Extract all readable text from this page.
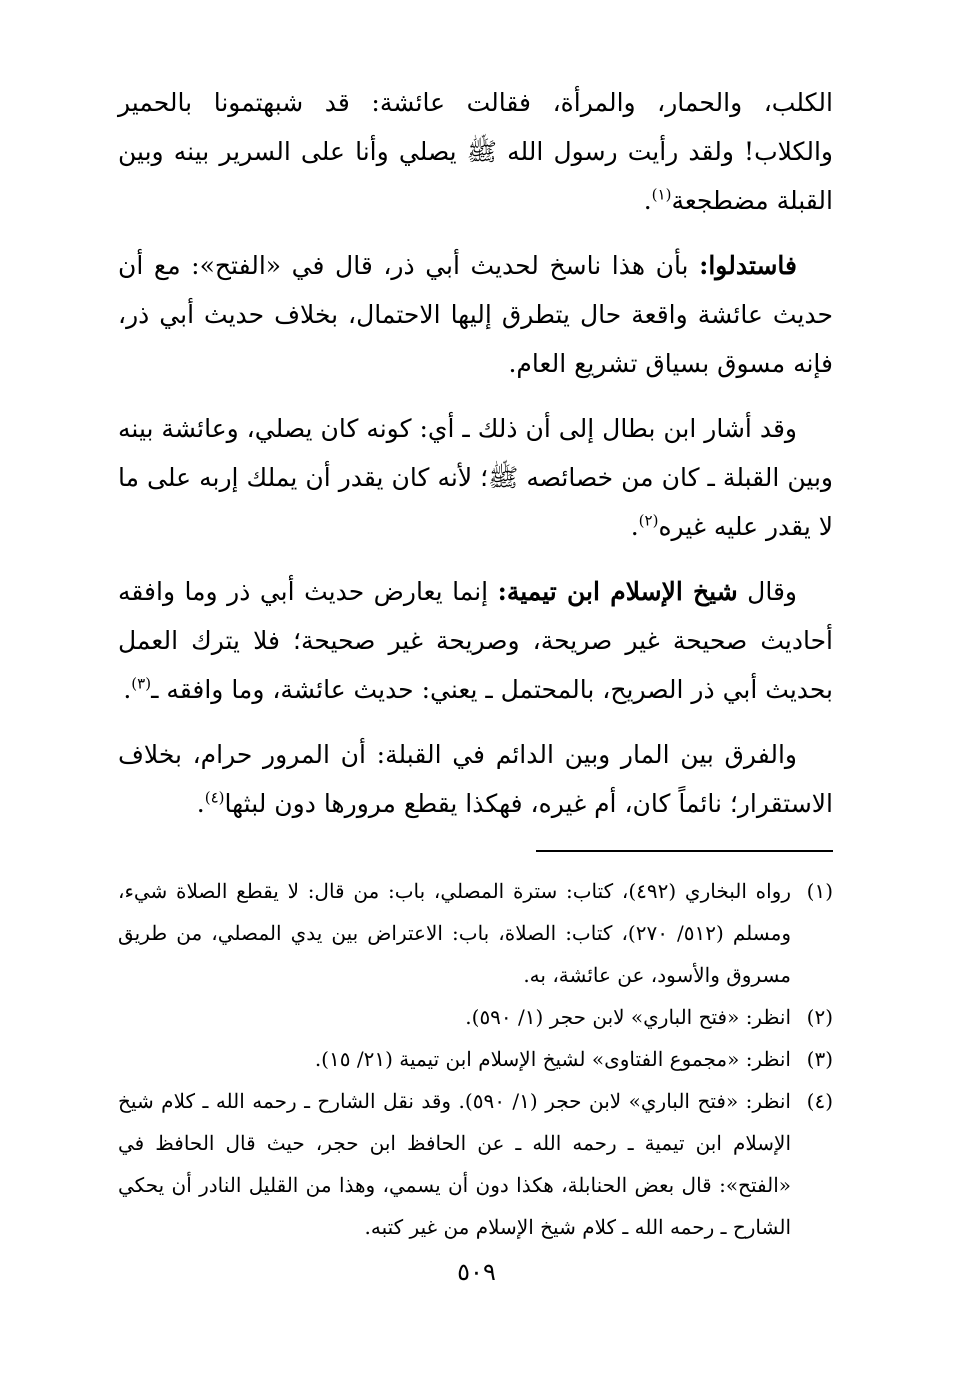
الكلب، والحمار، والمرأة، فقالت عائشة: قد شبهتمونا بالحمير والكلاب! ولقد رأيت رسول الله ﷺ يصلي وأنا على السرير بينه وبين القبلة مضطجعة$^{(١)}$.

فاستدلوا: بأن هذا ناسخ لحديث أبي ذر، قال في «الفتح»: مع أن حديث عائشة واقعة حال يتطرق إليها الاحتمال، بخلاف حديث أبي ذر، فإنه مسوق بسياق تشريع العام.

وقد أشار ابن بطال إلى أن ذلك ـ أي: كونه كان يصلي، وعائشة بينه وبين القبلة ـ كان من خصائصه ﷺ؛ لأنه كان يقدر أن يملك إربه على ما لا يقدر عليه غيره$^{(٢)}$.

وقال شيخ الإسلام ابن تيمية: إنما يعارض حديث أبي ذر وما وافقه أحاديث صحيحة غير صريحة، وصريحة غير صحيحة؛ فلا يترك العمل بحديث أبي ذر الصريح، بالمحتمل ـ يعني: حديث عائشة، وما وافقه ـ$^{(٣)}$.

والفرق بين المار وبين الدائم في القبلة: أن المرور حرام، بخلاف الاستقرار؛ نائماً كان، أم غيره، فهكذا يقطع مرورها دون لبثها$^{(٤)}$.

(١)
رواه البخاري (٤٩٢)، كتاب: سترة المصلي، باب: من قال: لا يقطع الصلاة شيء، ومسلم (٥١٢/ ٢٧٠)، كتاب: الصلاة، باب: الاعتراض بين يدي المصلي، من طريق مسروق والأسود، عن عائشة، به.
(٢)
انظر: «فتح الباري» لابن حجر (١/ ٥٩٠).
(٣)
انظر: «مجموع الفتاوى» لشيخ الإسلام ابن تيمية (٢١/ ١٥).
(٤)
انظر: «فتح الباري» لابن حجر (١/ ٥٩٠). وقد نقل الشارح ـ رحمه الله ـ كلام شيخ الإسلام ابن تيمية ـ رحمه الله ـ عن الحافظ ابن حجر، حيث قال الحافظ في «الفتح»: قال بعض الحنابلة، هكذا دون أن يسمي، وهذا من القليل النادر أن يحكي الشارح ـ رحمه الله ـ كلام شيخ الإسلام من غير كتبه.
٥٠٩
